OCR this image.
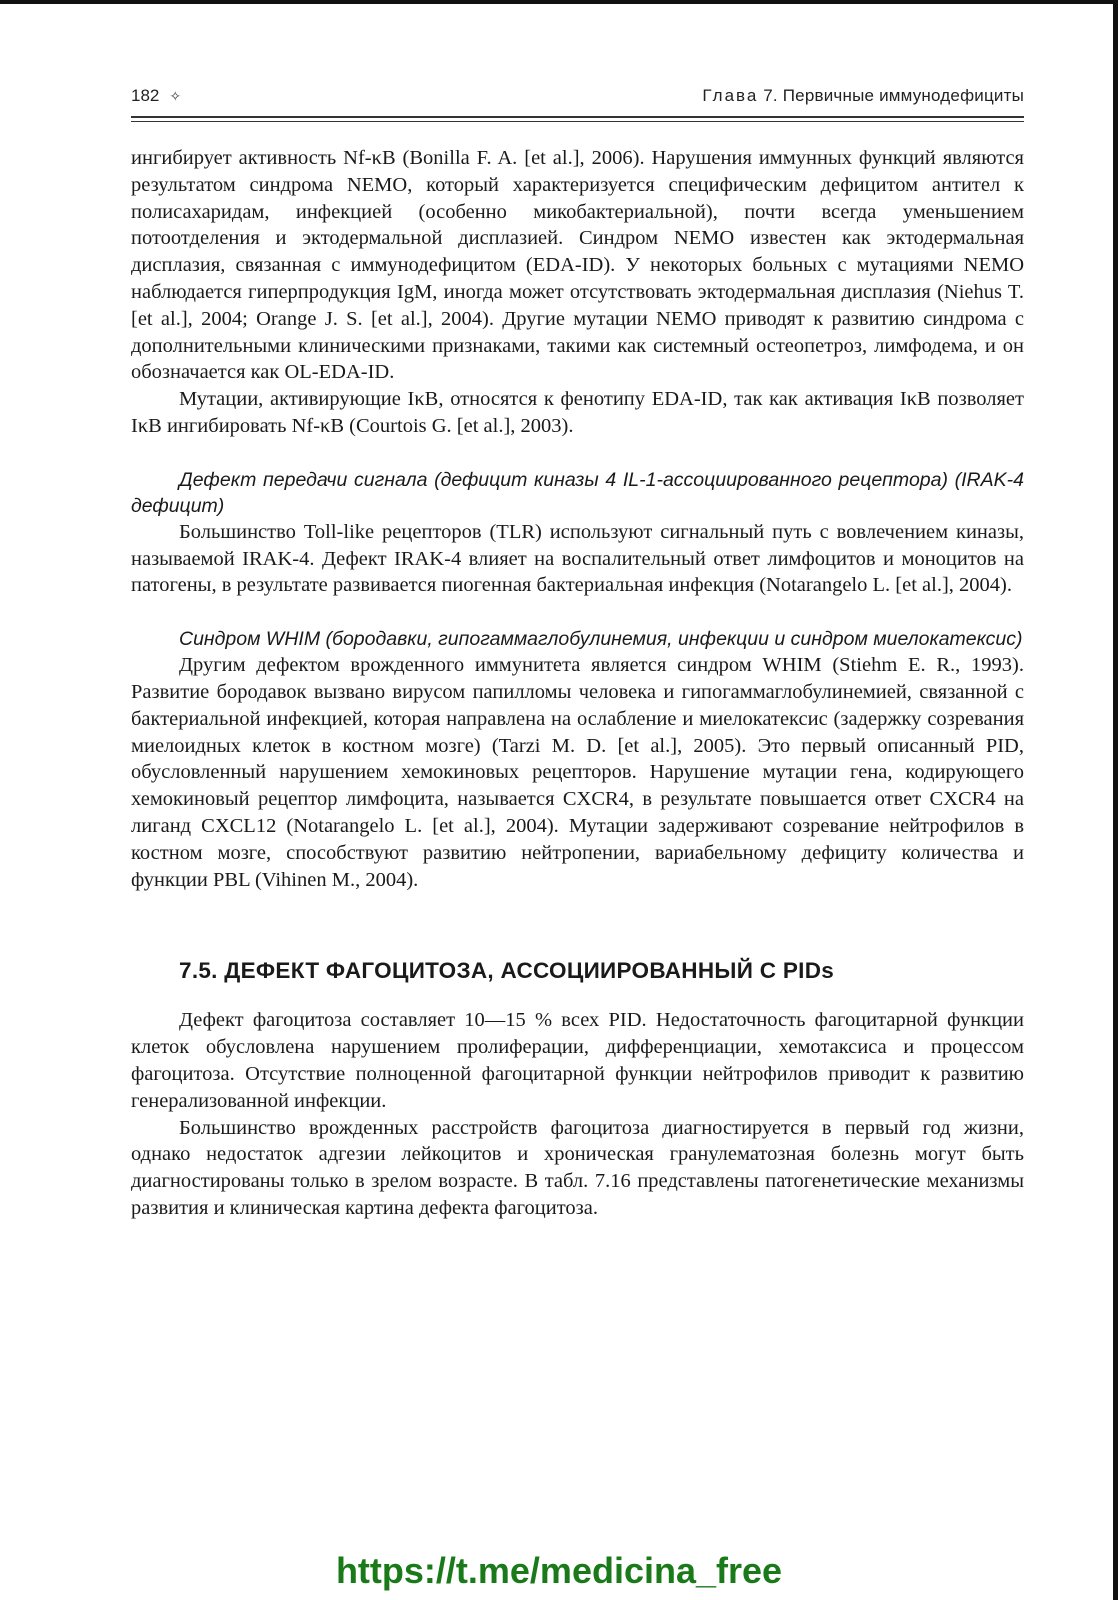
182 ✧	Глава 7. Первичные иммунодефициты

ингибирует активность Nf-κB (Bonilla F. A. [et al.], 2006). Нарушения иммунных функций являются результатом синдрома NEMO, который характеризуется специфическим дефицитом антител к полисахаридам, инфекцией (особенно микобактериальной), почти всегда уменьшением потоотделения и эктодермальной дисплазией. Синдром NEMO известен как эктодермальная дисплазия, связанная с иммунодефицитом (EDA-ID). У некоторых больных с мутациями NEMO наблюдается гиперпродукция IgM, иногда может отсутствовать эктодермальная дисплазия (Niehus T. [et al.], 2004; Orange J. S. [et al.], 2004). Другие мутации NEMO приводят к развитию синдрома с дополнительными клиническими признаками, такими как системный остеопетроз, лимфодема, и он обозначается как OL-EDA-ID.

Мутации, активирующие IκB, относятся к фенотипу EDA-ID, так как активация IκB позволяет IκB ингибировать Nf-κB (Courtois G. [et al.], 2003).

Дефект передачи сигнала (дефицит киназы 4 IL-1-ассоциированного рецептора) (IRAK-4 дефицит)

Большинство Toll-like рецепторов (TLR) используют сигнальный путь с вовлечением киназы, называемой IRAK-4. Дефект IRAK-4 влияет на воспалительный ответ лимфоцитов и моноцитов на патогены, в результате развивается пиогенная бактериальная инфекция (Notarangelo L. [et al.], 2004).

Синдром WHIM (бородавки, гипогаммаглобулинемия, инфекции и синдром миелокатексис)

Другим дефектом врожденного иммунитета является синдром WHIM (Stiehm E. R., 1993). Развитие бородавок вызвано вирусом папилломы человека и гипогаммаглобулинемией, связанной с бактериальной инфекцией, которая направлена на ослабление и миелокатексис (задержку созревания миелоидных клеток в костном мозге) (Tarzi M. D. [et al.], 2005). Это первый описанный PID, обусловленный нарушением хемокиновых рецепторов. Нарушение мутации гена, кодирующего хемокиновый рецептор лимфоцита, называется CXCR4, в результате повышается ответ CXCR4 на лиганд CXCL12 (Notarangelo L. [et al.], 2004). Мутации задерживают созревание нейтрофилов в костном мозге, способствуют развитию нейтропении, вариабельному дефициту количества и функции PBL (Vihinen M., 2004).

7.5. ДЕФЕКТ ФАГОЦИТОЗА, АССОЦИИРОВАННЫЙ С PIDs

Дефект фагоцитоза составляет 10—15 % всех PID. Недостаточность фагоцитарной функции клеток обусловлена нарушением пролиферации, дифференциации, хемотаксиса и процессом фагоцитоза. Отсутствие полноценной фагоцитарной функции нейтрофилов приводит к развитию генерализованной инфекции.

Большинство врожденных расстройств фагоцитоза диагностируется в первый год жизни, однако недостаток адгезии лейкоцитов и хроническая гранулематозная болезнь могут быть диагностированы только в зрелом возрасте. В табл. 7.16 представлены патогенетические механизмы развития и клиническая картина дефекта фагоцитоза.

https://t.me/medicina_free
